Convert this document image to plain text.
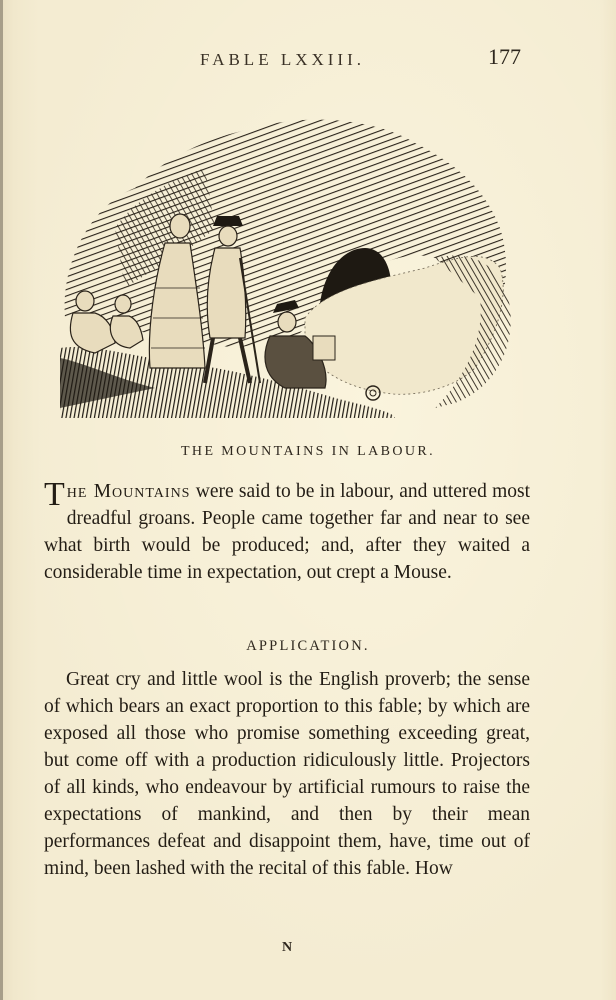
FABLE LXXIII.	177
THE MOUNTAINS IN LABOUR.
The Mountains were said to be in labour, and uttered most dreadful groans. People came together far and near to see what birth would be produced; and, after they waited a considerable time in expectation, out crept a Mouse.
APPLICATION.
Great cry and little wool is the English proverb; the sense of which bears an exact proportion to this fable; by which are exposed all those who promise something exceeding great, but come off with a production ridiculously little. Projectors of all kinds, who endeavour by artificial rumours to raise the expectations of mankind, and then by their mean performances defeat and disappoint them, have, time out of mind, been lashed with the recital of this fable. How
N
